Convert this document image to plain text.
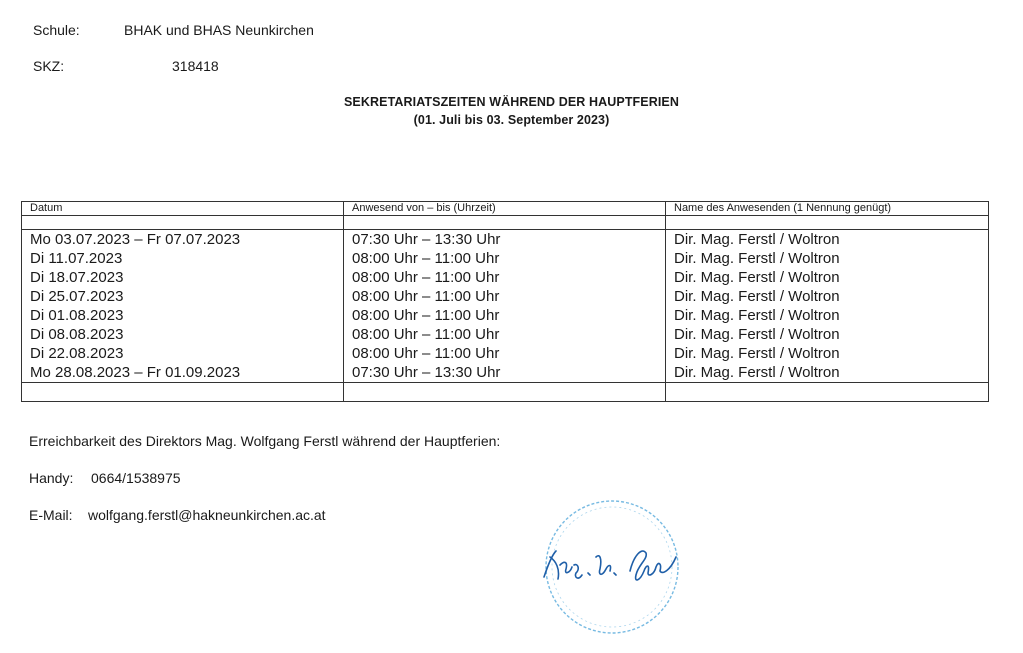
Schule:	BHAK und BHAS Neunkirchen
SKZ:	318418
SEKRETARIATSZEITEN WÄHREND DER HAUPTFERIEN
(01. Juli bis 03. September 2023)
Datum	Anwesend von – bis (Uhrzeit)	Name des Anwesenden (1 Nennung genügt)

Mo 03.07.2023 – Fr 07.07.2023	07:30 Uhr – 13:30 Uhr	Dir. Mag. Ferstl / Woltron
Di 11.07.2023	08:00 Uhr – 11:00 Uhr	Dir. Mag. Ferstl / Woltron
Di 18.07.2023	08:00 Uhr – 11:00 Uhr	Dir. Mag. Ferstl / Woltron
Di 25.07.2023	08:00 Uhr – 11:00 Uhr	Dir. Mag. Ferstl / Woltron
Di 01.08.2023	08:00 Uhr – 11:00 Uhr	Dir. Mag. Ferstl / Woltron
Di 08.08.2023	08:00 Uhr – 11:00 Uhr	Dir. Mag. Ferstl / Woltron
Di 22.08.2023	08:00 Uhr – 11:00 Uhr	Dir. Mag. Ferstl / Woltron
Mo 28.08.2023 – Fr 01.09.2023	07:30 Uhr – 13:30 Uhr	Dir. Mag. Ferstl / Woltron

Erreichbarkeit des Direktors Mag. Wolfgang Ferstl während der Hauptferien:
Handy: 0664/1538975
E-Mail: wolfgang.ferstl@hakneunkirchen.ac.at
